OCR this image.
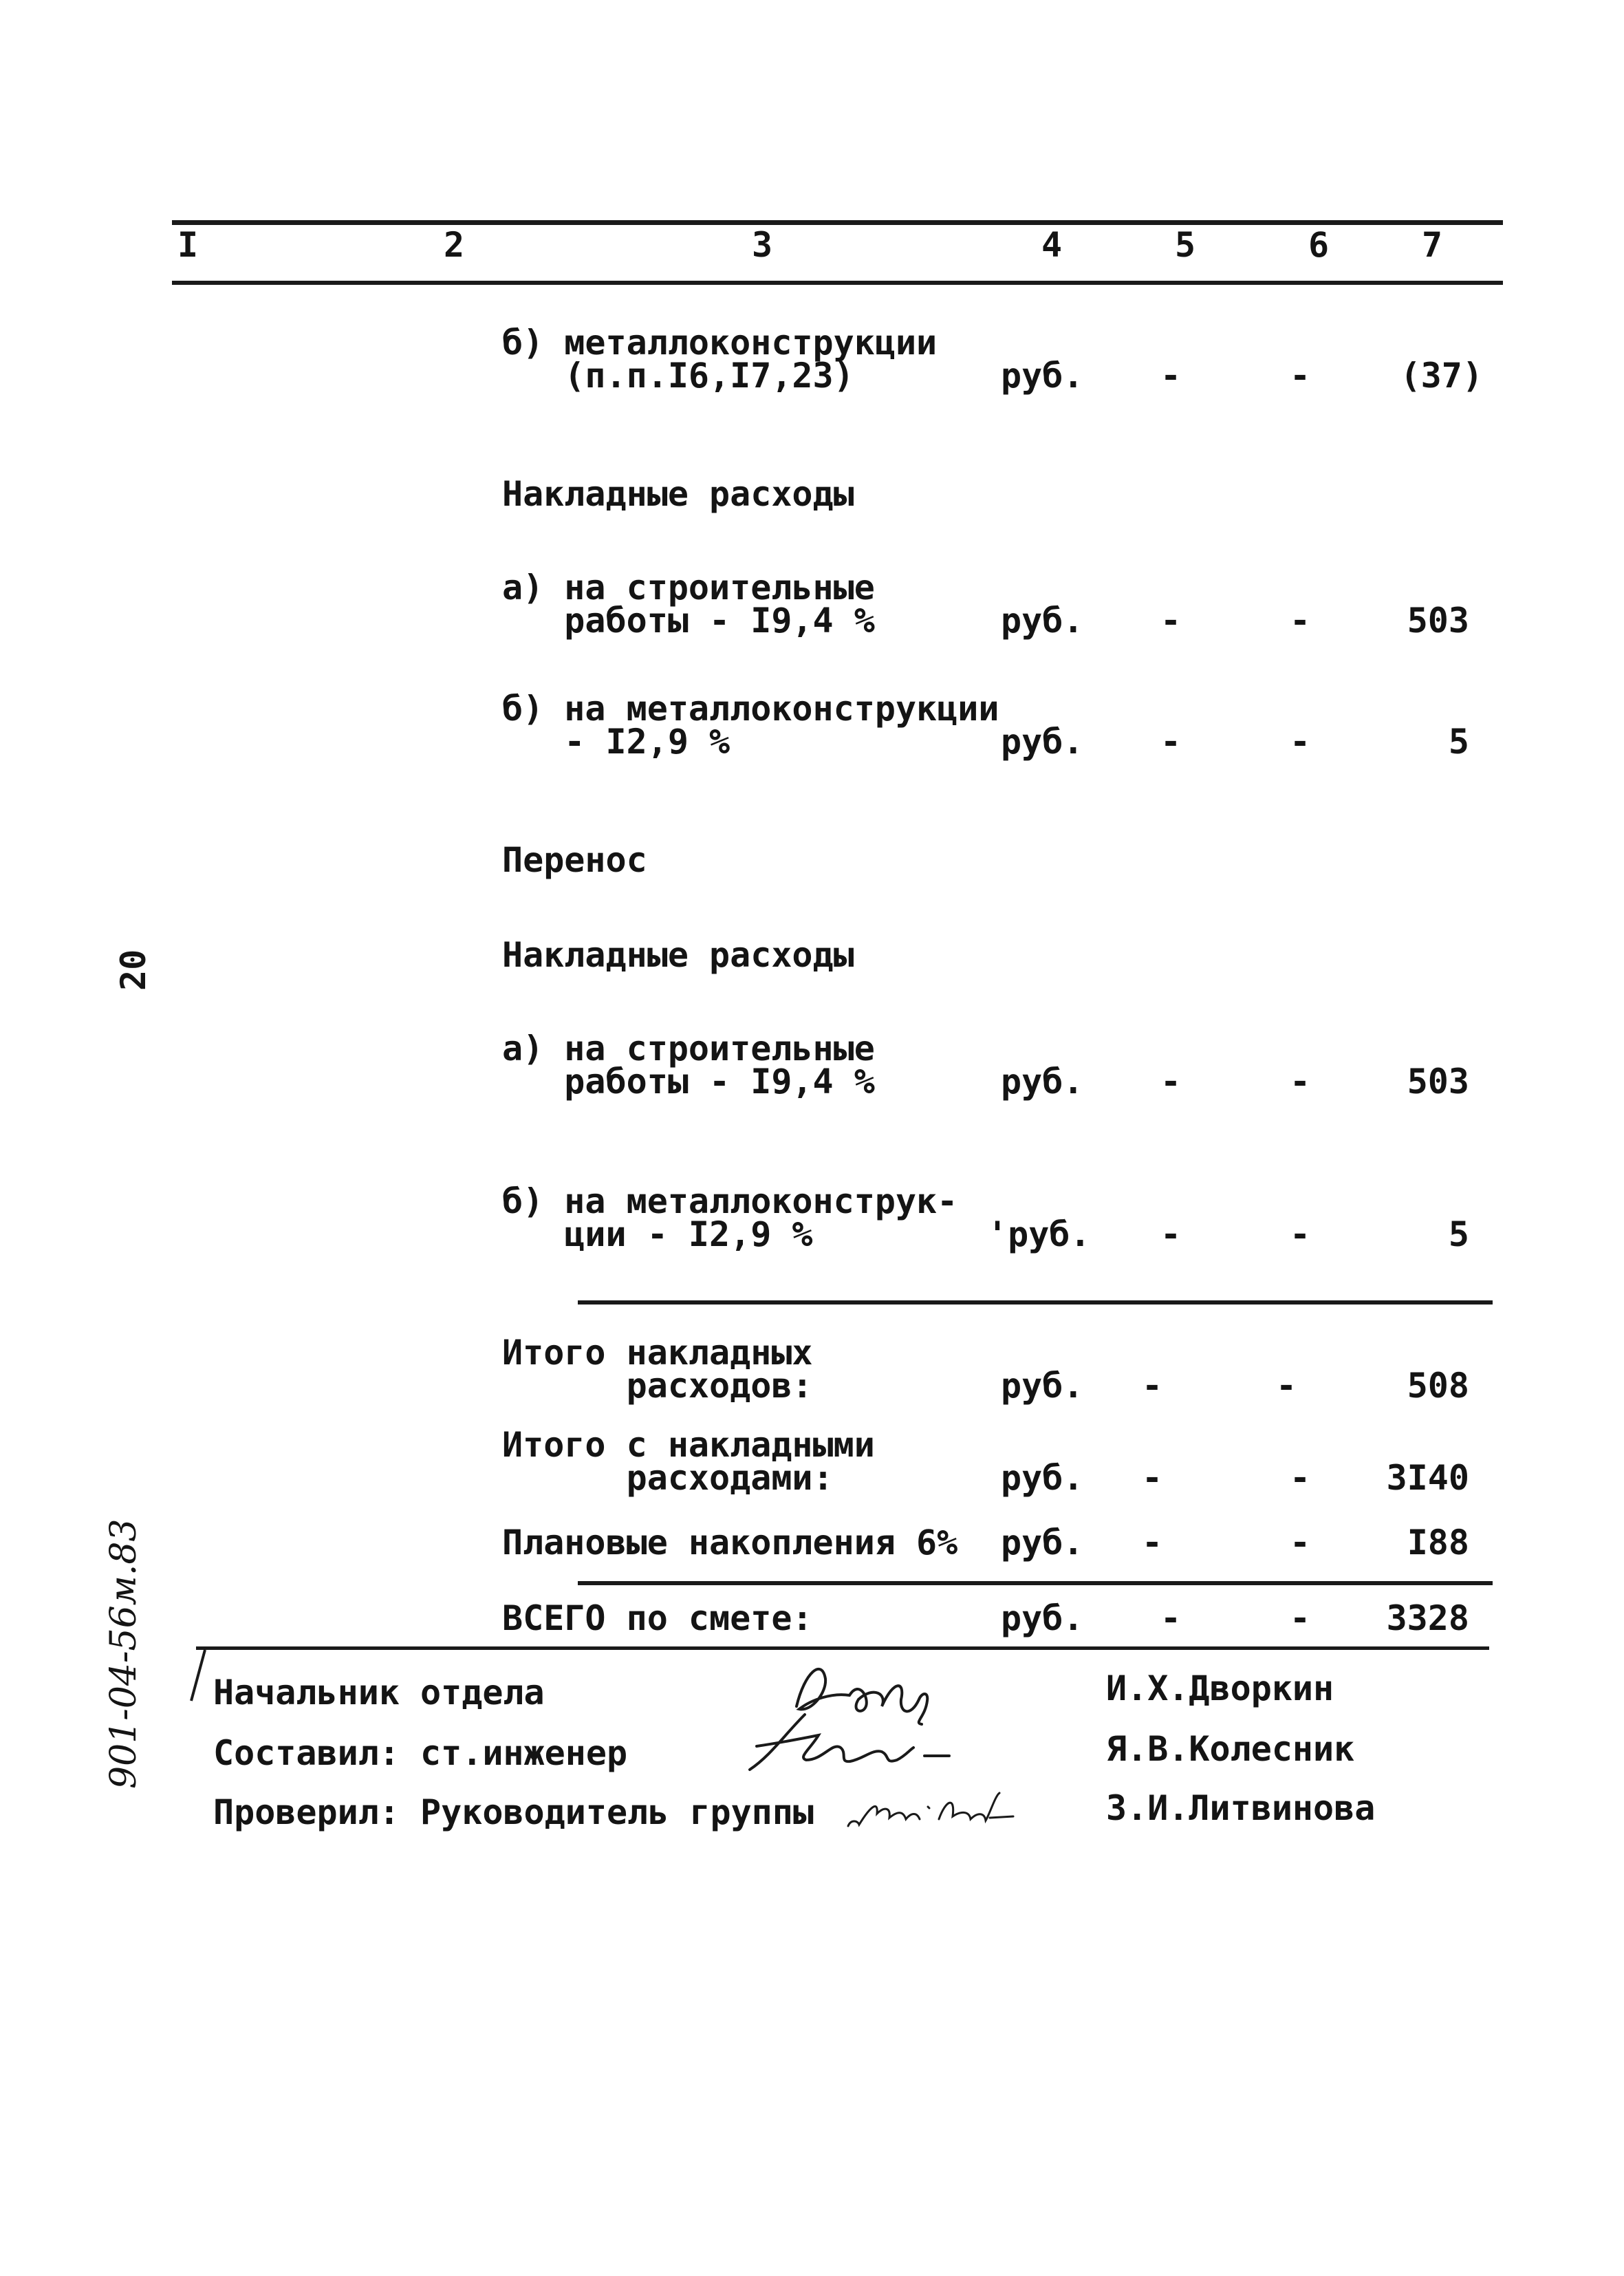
20
901-04-56м.83
I	2	3	4	5	6	7
б) металлоконструкции
(п.п.I6,I7,23)	руб. -	-	(37)
Накладные расходы
а) на строительные
работы - I9,4 %	руб. -	-	503
б) на металлоконструкции
- I2,9 %	руб. -	-	5
Перенос
Накладные расходы
а) на строительные
работы - I9,4 %	руб. -	-	503
б) на металлоконструк-
ции - I2,9 %	'руб. -	-	5
Итого накладных
расходов:	руб. -	-	508
Итого с накладными
расходами:	руб. -	- 3I40
Плановые накопления 6% руб. -	-	I88
ВСЕГО по смете:	руб. -	- 3328
Начальник отдела	И.Х.Дворкин
Составил: ст.инженер	Я.В.Колесник
Проверил: Руководитель группы	З.И.Литвинова
